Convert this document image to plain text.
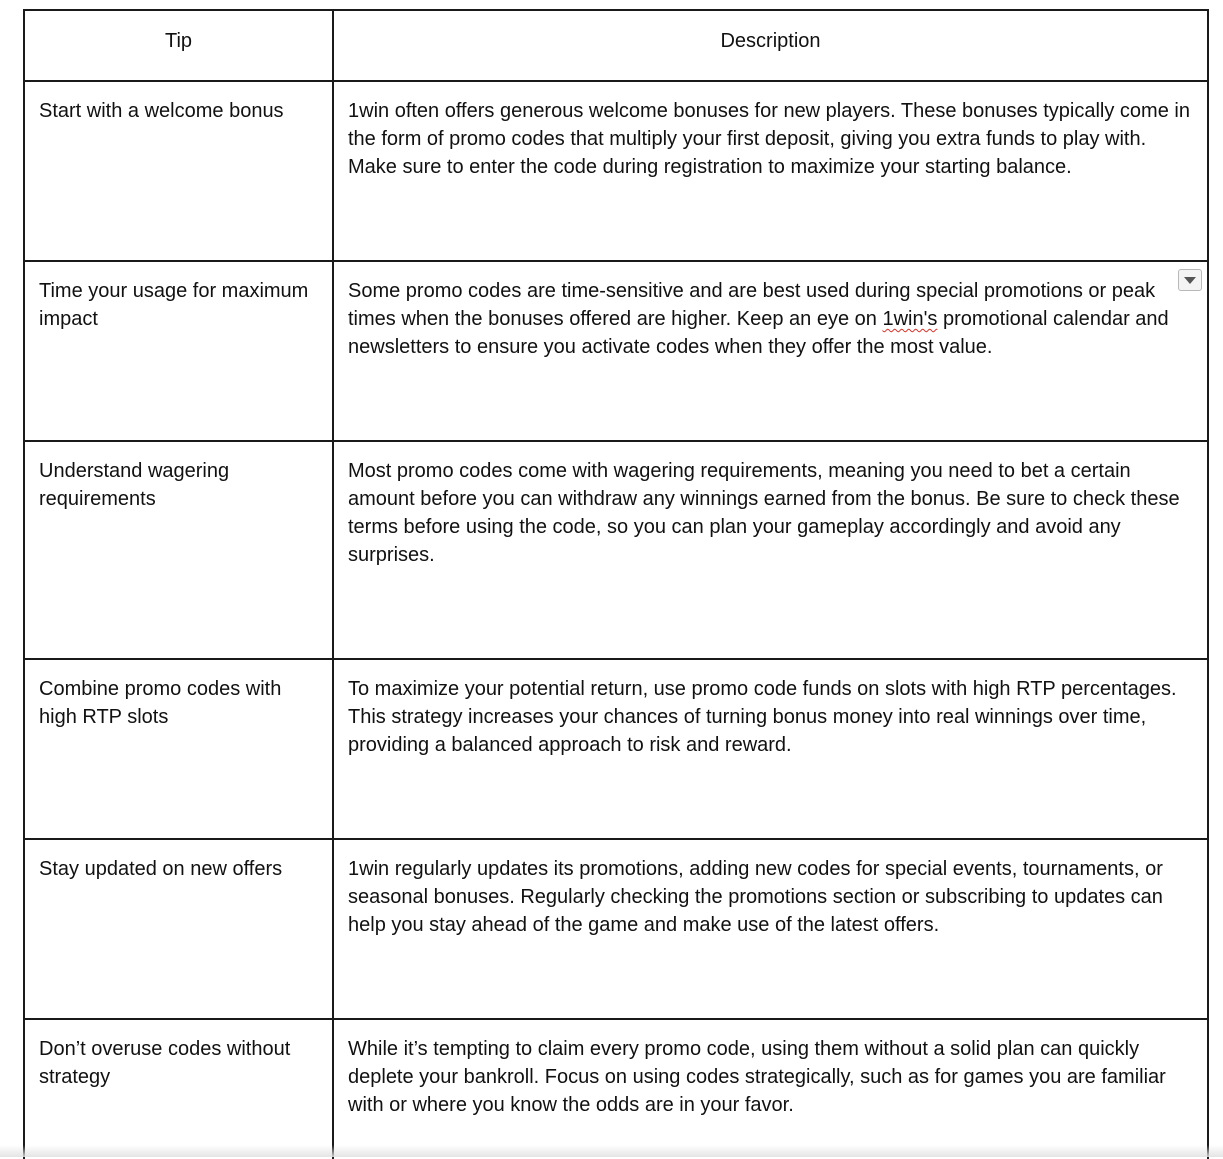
Tip	Description
Start with a welcome bonus	1win often offers generous welcome bonuses for new players. These bonuses typically come in the form of promo codes that multiply your first deposit, giving you extra funds to play with. Make sure to enter the code during registration to maximize your starting balance.
Time your usage for maximum impact	Some promo codes are time-sensitive and are best used during special promotions or peak times when the bonuses offered are higher. Keep an eye on 1win's promotional calendar and newsletters to ensure you activate codes when they offer the most value.

Understand wagering requirements	Most promo codes come with wagering requirements, meaning you need to bet a certain amount before you can withdraw any winnings earned from the bonus. Be sure to check these terms before using the code, so you can plan your gameplay accordingly and avoid any surprises.
Combine promo codes with high RTP slots	To maximize your potential return, use promo code funds on slots with high RTP percentages. This strategy increases your chances of turning bonus money into real winnings over time, providing a balanced approach to risk and reward.
Stay updated on new offers	1win regularly updates its promotions, adding new codes for special events, tournaments, or seasonal bonuses. Regularly checking the promotions section or subscribing to updates can help you stay ahead of the game and make use of the latest offers.
Don’t overuse codes without strategy	While it’s tempting to claim every promo code, using them without a solid plan can quickly deplete your bankroll. Focus on using codes strategically, such as for games you are familiar with or where you know the odds are in your favor.
